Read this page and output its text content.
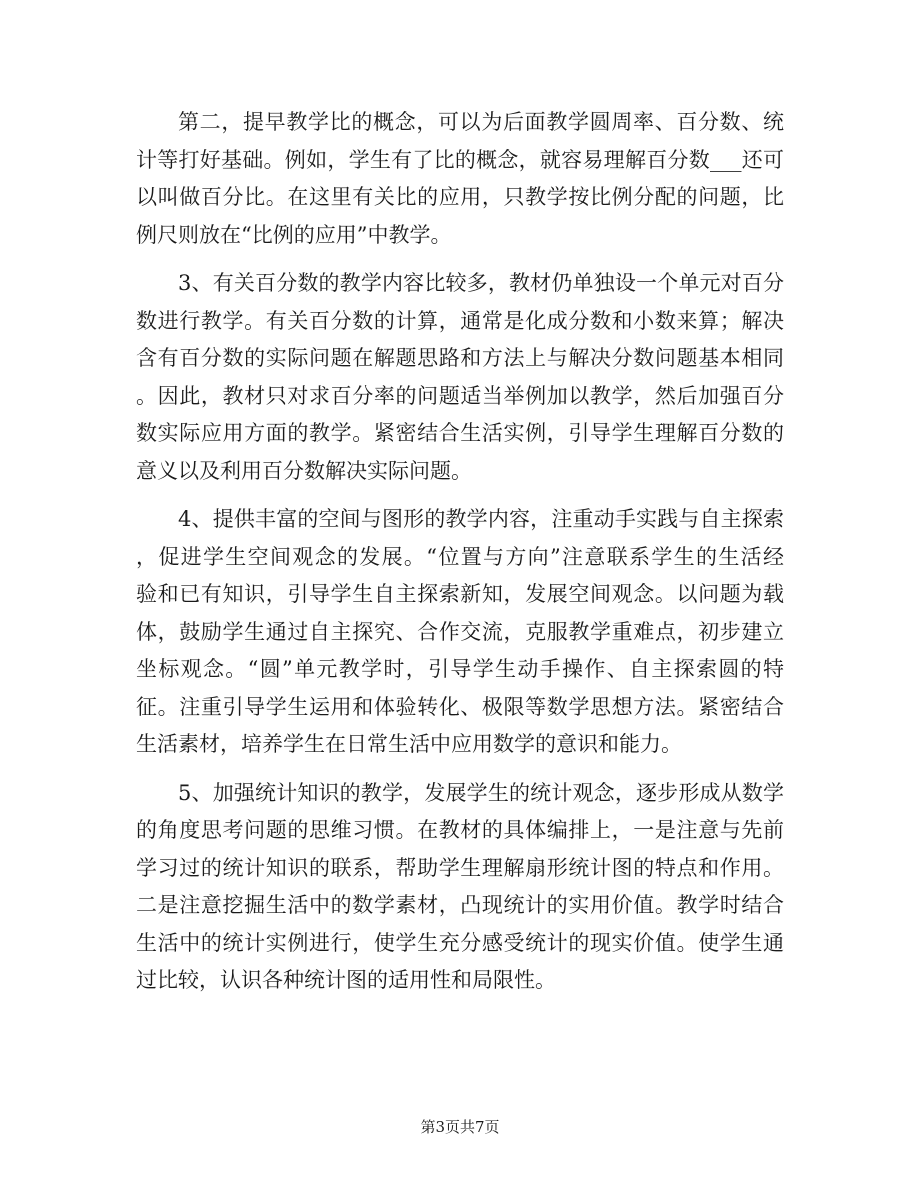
第二，提早教学比的概念，可以为后面教学圆周率、百分数、统
计等打好基础。例如，学生有了比的概念，就容易理解百分数___还可
以叫做百分比。在这里有关比的应用，只教学按比例分配的问题，比
例尺则放在“比例的应用”中教学。

3、有关百分数的教学内容比较多，教材仍单独设一个单元对百分
数进行教学。有关百分数的计算，通常是化成分数和小数来算；解决
含有百分数的实际问题在解题思路和方法上与解决分数问题基本相同
。因此，教材只对求百分率的问题适当举例加以教学，然后加强百分
数实际应用方面的教学。紧密结合生活实例，引导学生理解百分数的
意义以及利用百分数解决实际问题。

4、提供丰富的空间与图形的教学内容，注重动手实践与自主探索
，促进学生空间观念的发展。“位置与方向”注意联系学生的生活经
验和已有知识，引导学生自主探索新知，发展空间观念。以问题为载
体，鼓励学生通过自主探究、合作交流，克服教学重难点，初步建立
坐标观念。“圆”单元教学时，引导学生动手操作、自主探索圆的特
征。注重引导学生运用和体验转化、极限等数学思想方法。紧密结合
生活素材，培养学生在日常生活中应用数学的意识和能力。

5、加强统计知识的教学，发展学生的统计观念，逐步形成从数学
的角度思考问题的思维习惯。在教材的具体编排上，一是注意与先前
学习过的统计知识的联系，帮助学生理解扇形统计图的特点和作用。
二是注意挖掘生活中的数学素材，凸现统计的实用价值。教学时结合
生活中的统计实例进行，使学生充分感受统计的现实价值。使学生通
过比较，认识各种统计图的适用性和局限性。

第3页共7页
